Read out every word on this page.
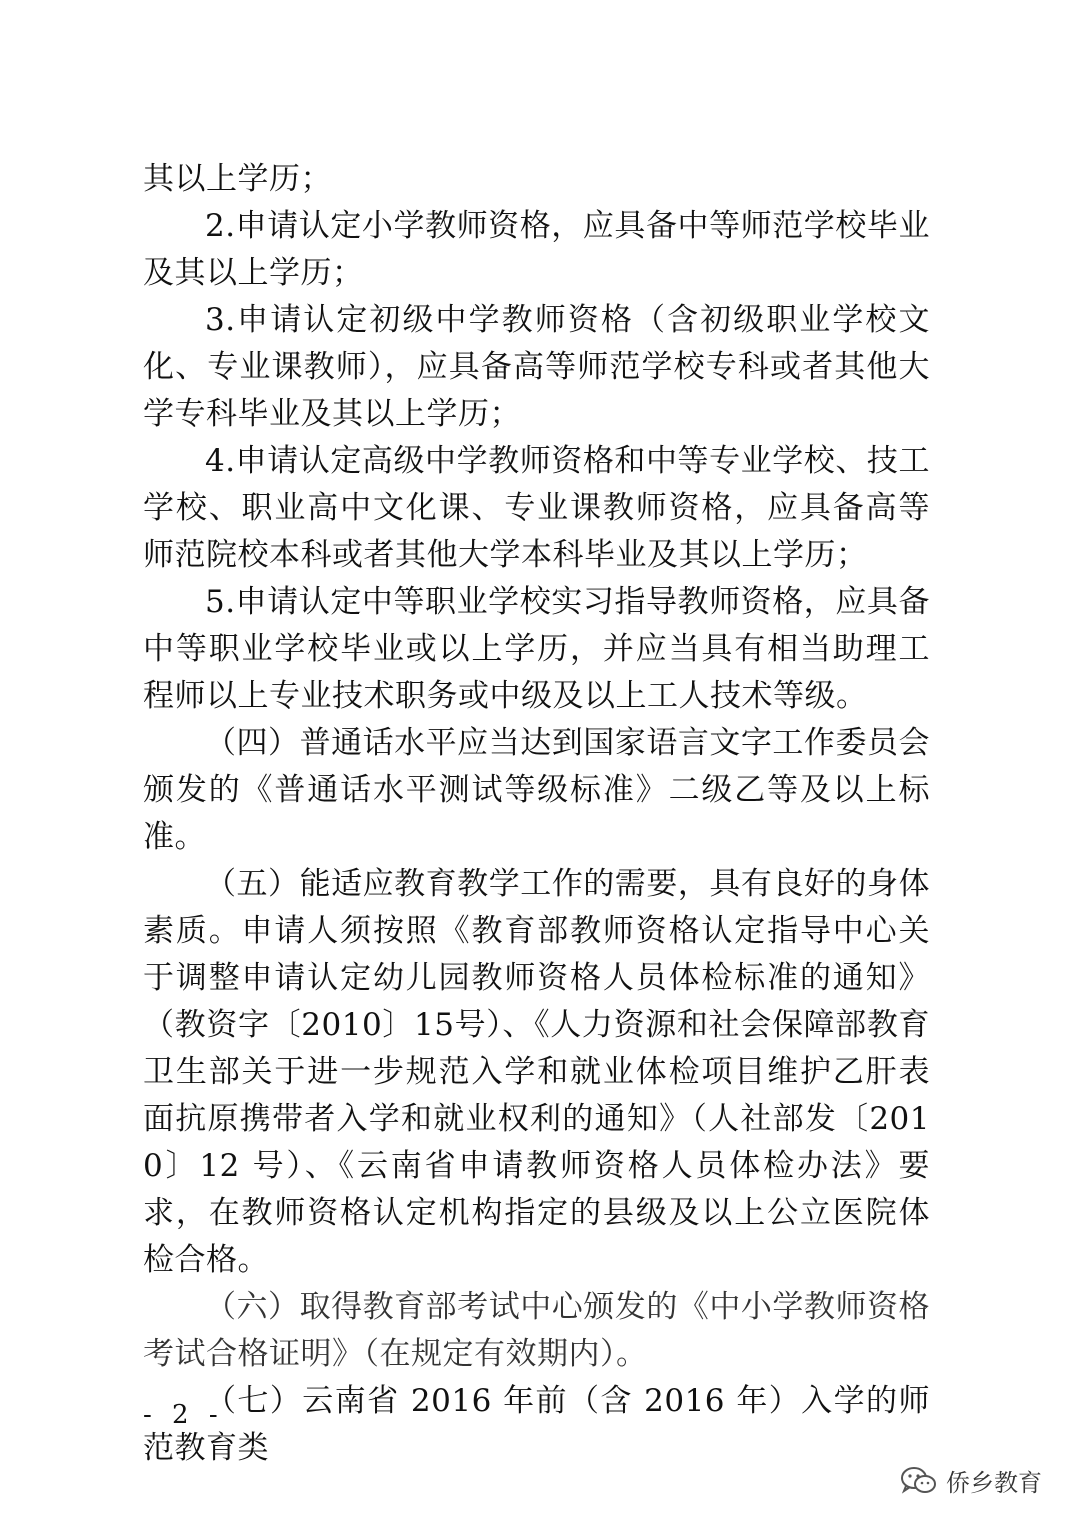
其以上学历；

2.申请认定小学教师资格，应具备中等师范学校毕业及其以上学历；

3.申请认定初级中学教师资格（含初级职业学校文化、专业课教师），应具备高等师范学校专科或者其他大学专科毕业及其以上学历；

4.申请认定高级中学教师资格和中等专业学校、技工学校、职业高中文化课、专业课教师资格，应具备高等师范院校本科或者其他大学本科毕业及其以上学历；

5.申请认定中等职业学校实习指导教师资格，应具备中等职业学校毕业或以上学历，并应当具有相当助理工程师以上专业技术职务或中级及以上工人技术等级。

（四）普通话水平应当达到国家语言文字工作委员会颁发的《普通话水平测试等级标准》二级乙等及以上标准。

（五）能适应教育教学工作的需要，具有良好的身体素质。申请人须按照《教育部教师资格认定指导中心关于调整申请认定幼儿园教师资格人员体检标准的通知》（教资字〔2010〕15号）、《人力资源和社会保障部教育卫生部关于进一步规范入学和就业体检项目维护乙肝表面抗原携带者入学和就业权利的通知》（人社部发〔2010〕12 号）、《云南省申请教师资格人员体检办法》要求，在教师资格认定机构指定的县级及以上公立医院体检合格。

（六）取得教育部考试中心颁发的《中小学教师资格考试合格证明》（在规定有效期内）。

（七）云南省 2016 年前（含 2016 年）入学的师范教育类

- 2 -
侨乡教育
